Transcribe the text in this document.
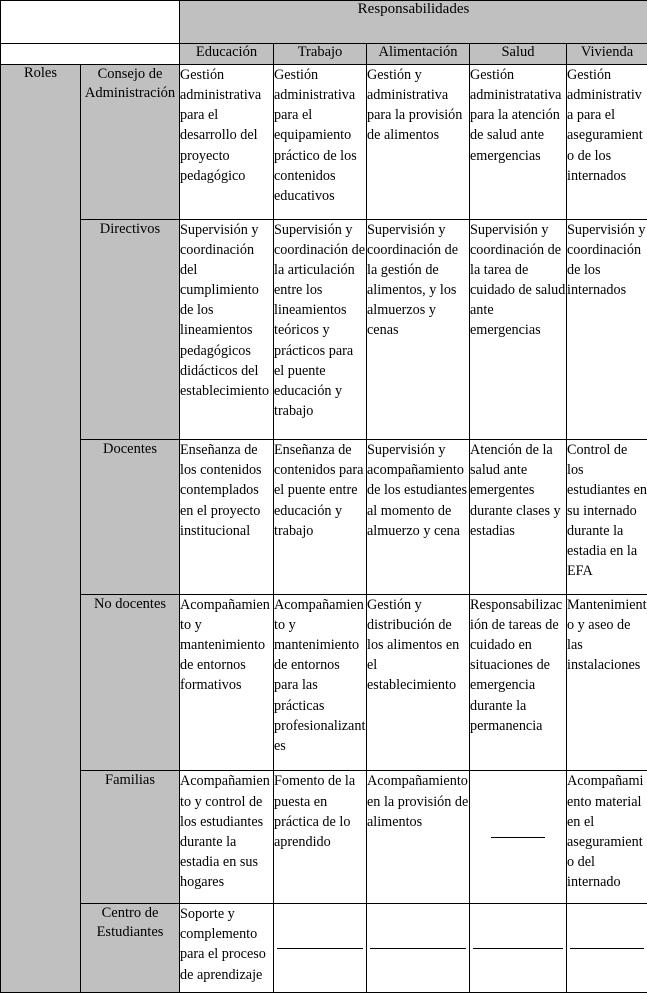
		Responsabilidades				
		Educación	Trabajo	Alimentación	Salud	Vivienda
Roles	Consejo de Administración	Gestión administrativa para el desarrollo del proyecto pedagógico	Gestión administrativa para el equipamiento práctico de los contenidos educativos	Gestión y administrativa para la provisión de alimentos	Gestión administratativa para la atención de salud ante emergencias	Gestión administrativa para el aseguramiento de los internados
	Directivos	Supervisión y coordinación del cumplimiento de los lineamientos pedagógicos didácticos del establecimiento	Supervisión y coordinación de la articulación entre los lineamientos teóricos y prácticos para el puente educación y trabajo	Supervisión y coordinación de la gestión de alimentos, y los almuerzos y cenas	Supervisión y coordinación de la tarea de cuidado de salud ante emergencias	Supervisión y coordinación de los internados
	Docentes	Enseñanza de los contenidos contemplados en el proyecto institucional	Enseñanza de contenidos para el puente entre educación y trabajo	Supervisión y acompañamiento de los estudiantes al momento de almuerzo y cena	Atención de la salud ante emergentes durante clases y estadias	Control de los estudiantes en su internado durante la estadia en la EFA
	No docentes	Acompañamiento y mantenimiento de entornos formativos	Acompañamiento y mantenimiento de entornos para las prácticas profesionalizantes	Gestión y distribución de los alimentos en el establecimiento	Responsabilización de tareas de cuidado en situaciones de emergencia durante la permanencia	Mantenimiento y aseo de las instalaciones
	Familias	Acompañamiento y control de los estudiantes durante la estadia en sus hogares	Fomento de la puesta en práctica de lo aprendido	Acompañamiento en la provisión de alimentos		Acompañamiento material en el aseguramiento del internado
	Centro de Estudiantes	Soporte y complemento para el proceso de aprendizaje	
